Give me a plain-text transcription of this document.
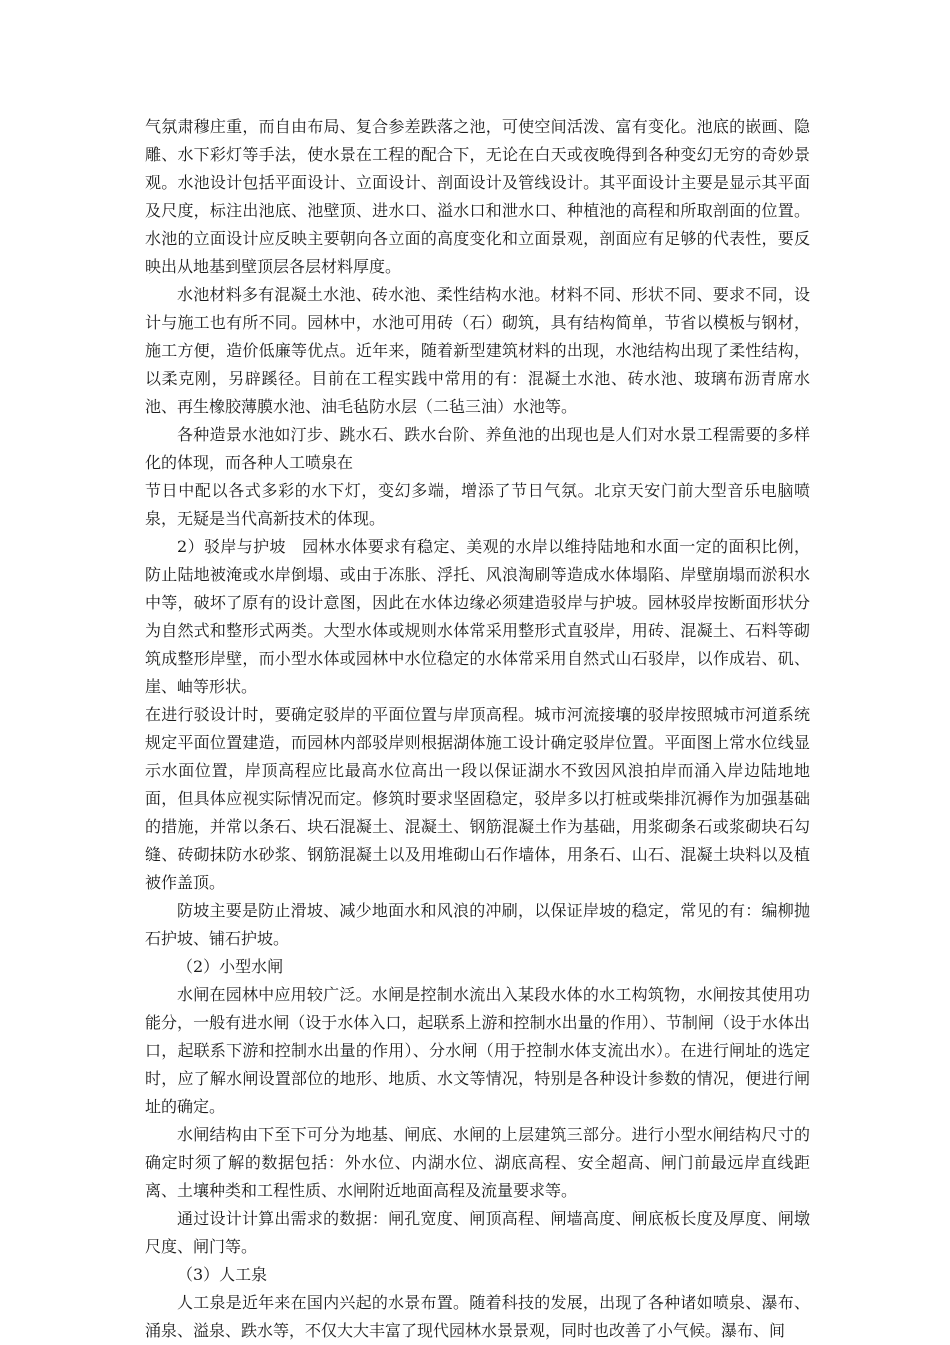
气氛肃穆庄重，而自由布局、复合参差跌落之池，可使空间活泼、富有变化。池底的嵌画、隐雕、水下彩灯等手法，使水景在工程的配合下，无论在白天或夜晚得到各种变幻无穷的奇妙景观。水池设计包括平面设计、立面设计、剖面设计及管线设计。其平面设计主要是显示其平面及尺度，标注出池底、池壁顶、进水口、溢水口和泄水口、种植池的高程和所取剖面的位置。水池的立面设计应反映主要朝向各立面的高度变化和立面景观，剖面应有足够的代表性，要反映出从地基到壁顶层各层材料厚度。

水池材料多有混凝土水池、砖水池、柔性结构水池。材料不同、形状不同、要求不同，设计与施工也有所不同。园林中，水池可用砖（石）砌筑，具有结构简单，节省以模板与钢材，施工方便，造价低廉等优点。近年来，随着新型建筑材料的出现，水池结构出现了柔性结构，以柔克刚，另辟蹊径。目前在工程实践中常用的有：混凝土水池、砖水池、玻璃布沥青席水池、再生橡胶薄膜水池、油毛毡防水层（二毡三油）水池等。

各种造景水池如汀步、跳水石、跌水台阶、养鱼池的出现也是人们对水景工程需要的多样化的体现，而各种人工喷泉在

节日中配以各式多彩的水下灯，变幻多端，增添了节日气氛。北京天安门前大型音乐电脑喷泉，无疑是当代高新技术的体现。

2）驳岸与护坡　园林水体要求有稳定、美观的水岸以维持陆地和水面一定的面积比例，防止陆地被淹或水岸倒塌、或由于冻胀、浮托、风浪淘刷等造成水体塌陷、岸壁崩塌而淤积水中等，破坏了原有的设计意图，因此在水体边缘必须建造驳岸与护坡。园林驳岸按断面形状分为自然式和整形式两类。大型水体或规则水体常采用整形式直驳岸，用砖、混凝土、石料等砌筑成整形岸壁，而小型水体或园林中水位稳定的水体常采用自然式山石驳岸，以作成岩、矶、崖、岫等形状。

在进行驳设计时，要确定驳岸的平面位置与岸顶高程。城市河流接壤的驳岸按照城市河道系统规定平面位置建造，而园林内部驳岸则根据湖体施工设计确定驳岸位置。平面图上常水位线显示水面位置，岸顶高程应比最高水位高出一段以保证湖水不致因风浪拍岸而涌入岸边陆地地面，但具体应视实际情况而定。修筑时要求坚固稳定，驳岸多以打桩或柴排沉褥作为加强基础的措施，并常以条石、块石混凝土、混凝土、钢筋混凝土作为基础，用浆砌条石或浆砌块石勾缝、砖砌抹防水砂浆、钢筋混凝土以及用堆砌山石作墙体，用条石、山石、混凝土块料以及植被作盖顶。

防坡主要是防止滑坡、减少地面水和风浪的冲刷，以保证岸坡的稳定，常见的有：编柳抛石护坡、铺石护坡。

（2）小型水闸

水闸在园林中应用较广泛。水闸是控制水流出入某段水体的水工构筑物，水闸按其使用功能分，一般有进水闸（设于水体入口，起联系上游和控制水出量的作用）、节制闸（设于水体出口，起联系下游和控制水出量的作用）、分水闸（用于控制水体支流出水）。在进行闸址的选定时，应了解水闸设置部位的地形、地质、水文等情况，特别是各种设计参数的情况，便进行闸址的确定。

水闸结构由下至下可分为地基、闸底、水闸的上层建筑三部分。进行小型水闸结构尺寸的确定时须了解的数据包括：外水位、内湖水位、湖底高程、安全超高、闸门前最远岸直线距离、土壤种类和工程性质、水闸附近地面高程及流量要求等。

通过设计计算出需求的数据：闸孔宽度、闸顶高程、闸墙高度、闸底板长度及厚度、闸墩尺度、闸门等。

（3）人工泉

人工泉是近年来在国内兴起的水景布置。随着科技的发展，出现了各种诸如喷泉、瀑布、涌泉、溢泉、跌水等，不仅大大丰富了现代园林水景景观，同时也改善了小气候。瀑布、间
